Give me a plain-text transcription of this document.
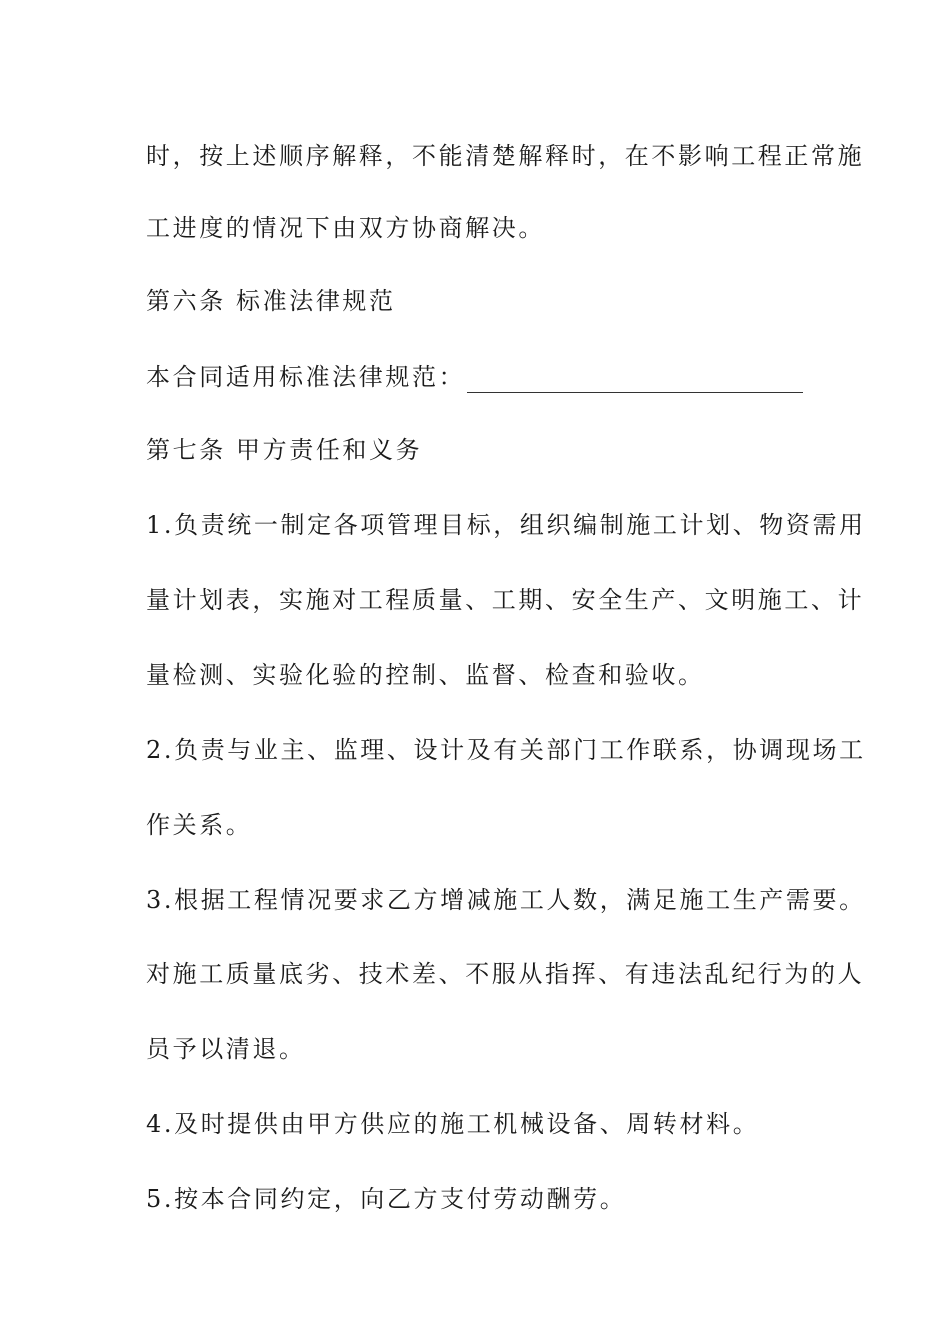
时，按上述顺序解释，不能清楚解释时，在不影响工程正常施
工进度的情况下由双方协商解决。
第六条 标准法律规范
本合同适用标准法律规范：
第七条 甲方责任和义务
1.负责统一制定各项管理目标，组织编制施工计划、物资需用
量计划表，实施对工程质量、工期、安全生产、文明施工、计
量检测、实验化验的控制、监督、检查和验收。
2.负责与业主、监理、设计及有关部门工作联系，协调现场工
作关系。
3.根据工程情况要求乙方增减施工人数，满足施工生产需要。
对施工质量底劣、技术差、不服从指挥、有违法乱纪行为的人
员予以清退。
4.及时提供由甲方供应的施工机械设备、周转材料。
5.按本合同约定，向乙方支付劳动酬劳。
